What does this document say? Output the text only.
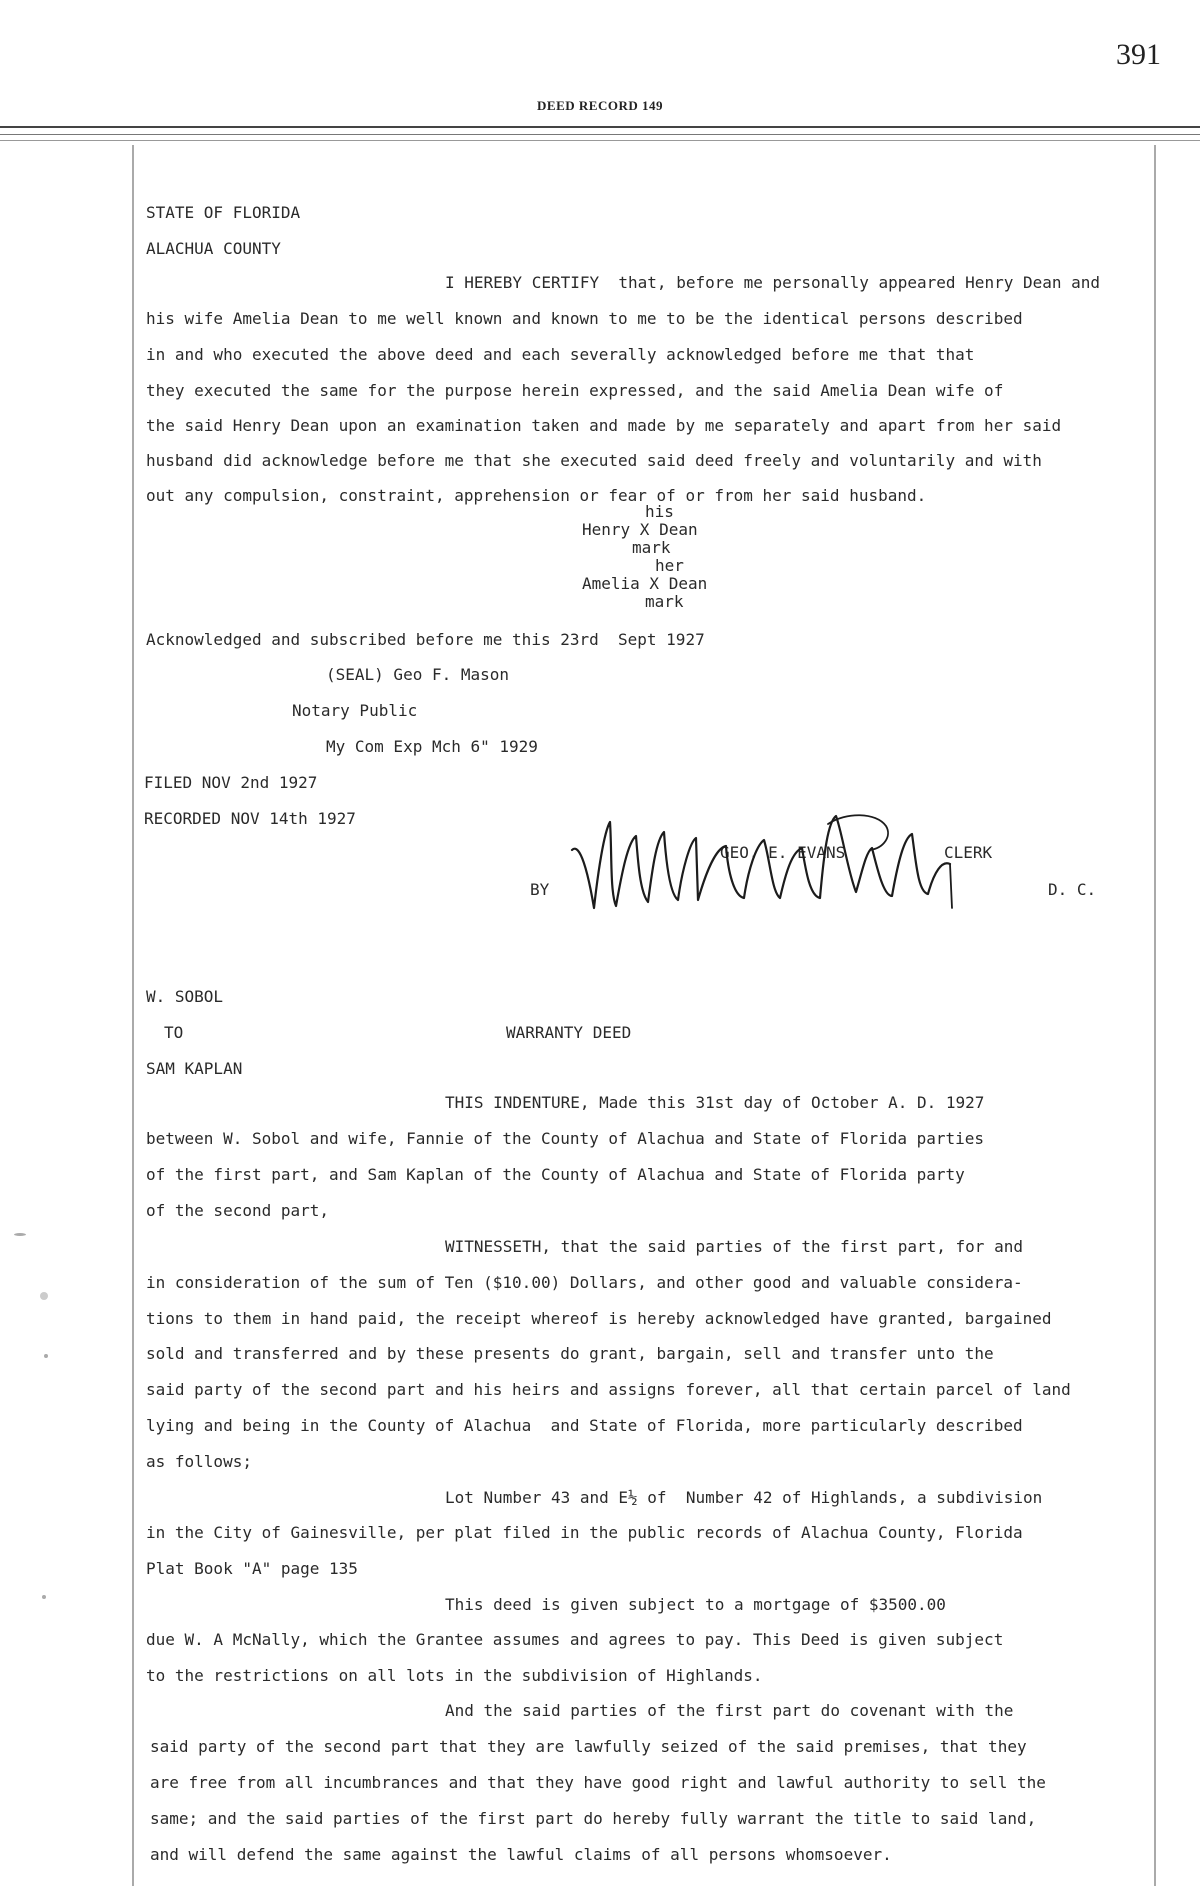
391
DEED RECORD 149
STATE OF FLORIDA
ALACHUA COUNTY
I HEREBY CERTIFY  that, before me personally appeared Henry Dean and
his wife Amelia Dean to me well known and known to me to be the identical persons described
in and who executed the above deed and each severally acknowledged before me that that
they executed the same for the purpose herein expressed, and the said Amelia Dean wife of
the said Henry Dean upon an examination taken and made by me separately and apart from her said
husband did acknowledge before me that she executed said deed freely and voluntarily and with
out any compulsion, constraint, apprehension or fear of or from her said husband.
his
Henry X Dean
mark
her
Amelia X Dean
mark
Acknowledged and subscribed before me this 23rd  Sept 1927
(SEAL) Geo F. Mason
Notary Public
My Com Exp Mch 6" 1929
FILED NOV 2nd 1927
RECORDED NOV 14th 1927
GEO. E. EVANS	CLERK
BY	D. C.
W. SOBOL
TO	WARRANTY DEED
SAM KAPLAN
THIS INDENTURE, Made this 31st day of October A. D. 1927
between W. Sobol and wife, Fannie of the County of Alachua and State of Florida parties
of the first part, and Sam Kaplan of the County of Alachua and State of Florida party
of the second part,
WITNESSETH, that the said parties of the first part, for and
in consideration of the sum of Ten ($10.00) Dollars, and other good and valuable considera-
tions to them in hand paid, the receipt whereof is hereby acknowledged have granted, bargained
sold and transferred and by these presents do grant, bargain, sell and transfer unto the
said party of the second part and his heirs and assigns forever, all that certain parcel of land
lying and being in the County of Alachua  and State of Florida, more particularly described
as follows;
Lot Number 43 and E½ of  Number 42 of Highlands, a subdivision
in the City of Gainesville, per plat filed in the public records of Alachua County, Florida
Plat Book "A" page 135
This deed is given subject to a mortgage of $3500.00
due W. A McNally, which the Grantee assumes and agrees to pay. This Deed is given subject
to the restrictions on all lots in the subdivision of Highlands.
And the said parties of the first part do covenant with the
said party of the second part that they are lawfully seized of the said premises, that they
are free from all incumbrances and that they have good right and lawful authority to sell the
same; and the said parties of the first part do hereby fully warrant the title to said land,
and will defend the same against the lawful claims of all persons whomsoever.
